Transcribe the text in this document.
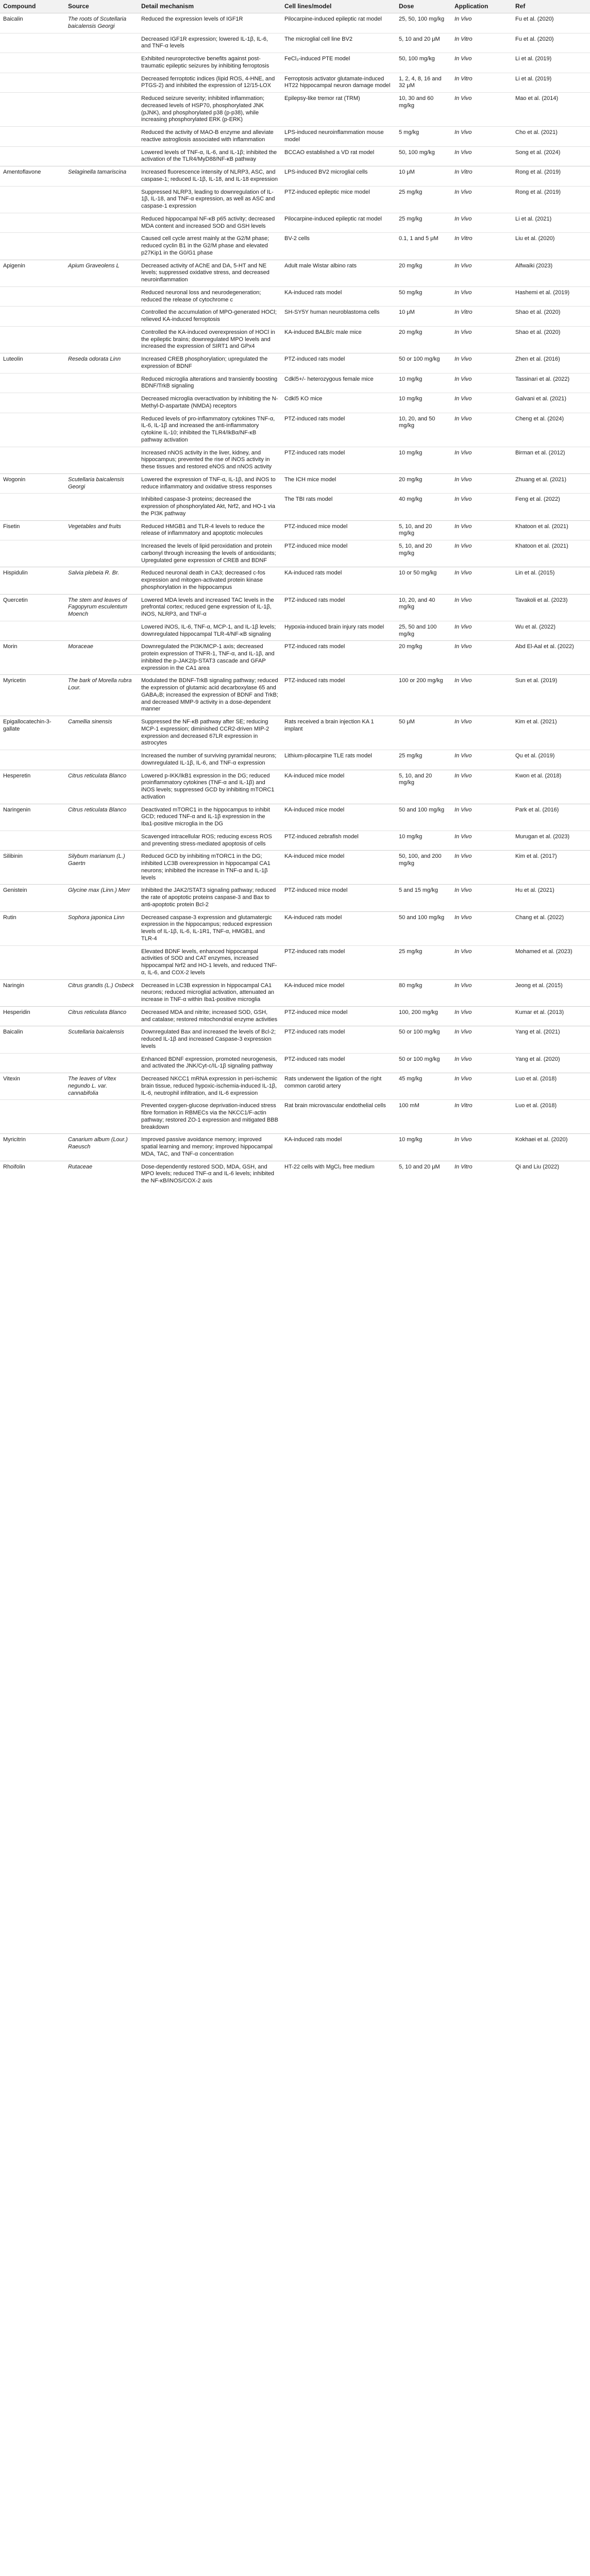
Compound	Source	Detail mechanism	Cell lines/model	Dose	Application	Ref
Baicalin	The roots of Scutellaria baicalensis Georgi	Reduced the expression levels of IGF1R	Pilocarpine-induced epileptic rat model	25, 50, 100 mg/kg	In Vivo	Fu et al. (2020)
		Decreased IGF1R expression; lowered IL-1β, IL-6, and TNF-α levels	The microglial cell line BV2	5, 10 and 20 μM	In Vitro	Fu et al. (2020)
		Exhibited neuroprotective benefits against post-traumatic epileptic seizures by inhibiting ferroptosis	FeCl₃-induced PTE model	50, 100 mg/kg	In Vivo	Li et al. (2019)
		Decreased ferroptotic indices (lipid ROS, 4-HNE, and PTGS-2) and inhibited the expression of 12/15-LOX	Ferroptosis activator glutamate-induced HT22 hippocampal neuron damage model	1, 2, 4, 8, 16 and 32 μM	In Vitro	Li et al. (2019)
		Reduced seizure severity; inhibited inflammation; decreased levels of HSP70, phosphorylated JNK (pJNK), and phosphorylated p38 (p-p38), while increasing phosphorylated ERK (p-ERK)	Epilepsy-like tremor rat (TRM)	10, 30 and 60 mg/kg	In Vivo	Mao et al. (2014)
		Reduced the activity of MAO-B enzyme and alleviate reactive astrogliosis associated with inflammation	LPS-induced neuroinflammation mouse model	5 mg/kg	In Vivo	Cho et al. (2021)
		Lowered levels of TNF-α, IL-6, and IL-1β; inhibited the activation of the TLR4/MyD88/NF-κB pathway	BCCAO established a VD rat model	50, 100 mg/kg	In Vivo	Song et al. (2024)
Amentoflavone	Selaginella tamariscina	Increased fluorescence intensity of NLRP3, ASC, and caspase-1; reduced IL-1β, IL-18, and IL-18 expression	LPS-induced BV2 microglial cells	10 μM	In Vitro	Rong et al. (2019)
		Suppressed NLRP3, leading to downregulation of IL-1β, IL-18, and TNF-α expression, as well as ASC and caspase-1 expression	PTZ-induced epileptic mice model	25 mg/kg	In Vivo	Rong et al. (2019)
		Reduced hippocampal NF-κB p65 activity; decreased MDA content and increased SOD and GSH levels	Pilocarpine-induced epileptic rat model	25 mg/kg	In Vivo	Li et al. (2021)
		Caused cell cycle arrest mainly at the G2/M phase; reduced cyclin B1 in the G2/M phase and elevated p27Kip1 in the G0/G1 phase	BV-2 cells	0.1, 1 and 5 μM	In Vitro	Liu et al. (2020)
Apigenin	Apium Graveolens L	Decreased activity of AChE and DA, 5-HT and NE levels; suppressed oxidative stress, and decreased neuroinflammation	Adult male Wistar albino rats	20 mg/kg	In Vivo	Alfwaiki (2023)
		Reduced neuronal loss and neurodegeneration; reduced the release of cytochrome c	KA-induced rats model	50 mg/kg	In Vivo	Hashemi et al. (2019)
		Controlled the accumulation of MPO-generated HOCl; relieved KA-induced ferroptosis	SH-SY5Y human neuroblastoma cells	10 μM	In Vitro	Shao et al. (2020)
		Controlled the KA-induced overexpression of HOCl in the epileptic brains; downregulated MPO levels and increased the expression of SIRT1 and GPx4	KA-induced BALB/c male mice	20 mg/kg	In Vivo	Shao et al. (2020)
Luteolin	Reseda odorata Linn	Increased CREB phosphorylation; upregulated the expression of BDNF	PTZ-induced rats model	50 or 100 mg/kg	In Vivo	Zhen et al. (2016)
		Reduced microglia alterations and transiently boosting BDNF/TrkB signaling	Cdkl5+/- heterozygous female mice	10 mg/kg	In Vivo	Tassinari et al. (2022)
		Decreased microglia overactivation by inhibiting the N-Methyl-D-aspartate (NMDA) receptors	Cdkl5 KO mice	10 mg/kg	In Vivo	Galvani et al. (2021)
		Reduced levels of pro-inflammatory cytokines TNF-α, IL-6, IL-1β and increased the anti-inflammatory cytokine IL-10; inhibited the TLR4/IkBα/NF-κB pathway activation	PTZ-induced rats model	10, 20, and 50 mg/kg	In Vivo	Cheng et al. (2024)
		Increased nNOS activity in the liver, kidney, and hippocampus; prevented the rise of iNOS activity in these tissues and restored eNOS and nNOS activity	PTZ-induced rats model	10 mg/kg	In Vivo	Birman et al. (2012)
Wogonin	Scutellaria baicalensis Georgi	Lowered the expression of TNF-α, IL-1β, and iNOS to reduce inflammatory and oxidative stress responses	The ICH mice model	20 mg/kg	In Vivo	Zhuang et al. (2021)
		Inhibited caspase-3 proteins; decreased the expression of phosphorylated Akt, Nrf2, and HO-1 via the PI3K pathway	The TBI rats model	40 mg/kg	In Vivo	Feng et al. (2022)
Fisetin	Vegetables and fruits	Reduced HMGB1 and TLR-4 levels to reduce the release of inflammatory and apoptotic molecules	PTZ-induced mice model	5, 10, and 20 mg/kg	In Vivo	Khatoon et al. (2021)
		Increased the levels of lipid peroxidation and protein carbonyl through increasing the levels of antioxidants; Upregulated gene expression of CREB and BDNF	PTZ-induced mice model	5, 10, and 20 mg/kg	In Vivo	Khatoon et al. (2021)
Hispidulin	Salvia plebeia R. Br.	Reduced neuronal death in CA3; decreased c-fos expression and mitogen-activated protein kinase phosphorylation in the hippocampus	KA-induced rats model	10 or 50 mg/kg	In Vivo	Lin et al. (2015)
Quercetin	The stem and leaves of Fagopyrum esculentum Moench	Lowered MDA levels and increased TAC levels in the prefrontal cortex; reduced gene expression of IL-1β, iNOS, NLRP3, and TNF-α	PTZ-induced rats model	10, 20, and 40 mg/kg	In Vivo	Tavakoli et al. (2023)
		Lowered iNOS, IL-6, TNF-α, MCP-1, and IL-1β levels; downregulated hippocampal TLR-4/NF-κB signaling	Hypoxia-induced brain injury rats model	25, 50 and 100 mg/kg	In Vivo	Wu et al. (2022)
Morin	Moraceae	Downregulated the PI3K/MCP-1 axis; decreased protein expression of TNFR-1, TNF-α, and IL-1β, and inhibited the p-JAK2/p-STAT3 cascade and GFAP expression in the CA1 area	PTZ-induced rats model	20 mg/kg	In Vivo	Abd El-Aal et al. (2022)
Myricetin	The bark of Morella rubra Lour.	Modulated the BDNF-TrkB signaling pathway; reduced the expression of glutamic acid decarboxylase 65 and GABA₂B; increased the expression of BDNF and TrkB; and decreased MMP-9 activity in a dose-dependent manner	PTZ-induced rats model	100 or 200 mg/kg	In Vivo	Sun et al. (2019)
Epigallocatechin-3-gallate	Camellia sinensis	Suppressed the NF-κB pathway after SE; reducing MCP-1 expression; diminished CCR2-driven MIP-2 expression and decreased 67LR expression in astrocytes	Rats received a brain injection KA 1 implant	50 μM	In Vivo	Kim et al. (2021)
		Increased the number of surviving pyramidal neurons; downregulated IL-1β, IL-6, and TNF-α expression	Lithium-pilocarpine TLE rats model	25 mg/kg	In Vivo	Qu et al. (2019)
Hesperetin	Citrus reticulata Blanco	Lowered p-IKK/IkB1 expression in the DG; reduced proinflammatory cytokines (TNF-α and IL-1β) and iNOS levels; suppressed GCD by inhibiting mTORC1 activation	KA-induced mice model	5, 10, and 20 mg/kg	In Vivo	Kwon et al. (2018)
Naringenin	Citrus reticulata Blanco	Deactivated mTORC1 in the hippocampus to inhibit GCD; reduced TNF-α and IL-1β expression in the Iba1-positive microglia in the DG	KA-induced mice model	50 and 100 mg/kg	In Vivo	Park et al. (2016)
		Scavenged intracellular ROS; reducing excess ROS and preventing stress-mediated apoptosis of cells	PTZ-induced zebrafish model	10 mg/kg	In Vivo	Murugan et al. (2023)
Silibinin	Silybum marianum (L.) Gaertn	Reduced GCD by inhibiting mTORC1 in the DG; inhibited LC3B overexpression in hippocampal CA1 neurons; inhibited the increase in TNF-α and IL-1β levels	KA-induced mice model	50, 100, and 200 mg/kg	In Vivo	Kim et al. (2017)
Genistein	Glycine max (Linn.) Merr	Inhibited the JAK2/STAT3 signaling pathway; reduced the rate of apoptotic proteins caspase-3 and Bax to anti-apoptotic protein Bcl-2	PTZ-induced mice model	5 and 15 mg/kg	In Vivo	Hu et al. (2021)
Rutin	Sophora japonica Linn	Decreased caspase-3 expression and glutamatergic expression in the hippocampus; reduced expression levels of IL-1β, IL-6, IL-1R1, TNF-α, HMGB1, and TLR-4	KA-induced rats model	50 and 100 mg/kg	In Vivo	Chang et al. (2022)
		Elevated BDNF levels, enhanced hippocampal activities of SOD and CAT enzymes, increased hippocampal Nrf2 and HO-1 levels, and reduced TNF-α, IL-6, and COX-2 levels	PTZ-induced rats model	25 mg/kg	In Vivo	Mohamed et al. (2023)
Naringin	Citrus grandis (L.) Osbeck	Decreased in LC3B expression in hippocampal CA1 neurons; reduced microglial activation, attenuated an increase in TNF-α within Iba1-positive microglia	KA-induced mice model	80 mg/kg	In Vivo	Jeong et al. (2015)
Hesperidin	Citrus reticulata Blanco	Decreased MDA and nitrite; increased SOD, GSH, and catalase; restored mitochondrial enzyme activities	PTZ-induced mice model	100, 200 mg/kg	In Vivo	Kumar et al. (2013)
Baicalin	Scutellaria baicalensis	Downregulated Bax and increased the levels of Bcl-2; reduced IL-1β and increased Caspase-3 expression levels	PTZ-induced rats model	50 or 100 mg/kg	In Vivo	Yang et al. (2021)
		Enhanced BDNF expression, promoted neurogenesis, and activated the JNK/Cyt-c/IL-1β signaling pathway	PTZ-induced rats model	50 or 100 mg/kg	In Vivo	Yang et al. (2020)
Vitexin	The leaves of Vitex negundo L. var. cannabifolia	Decreased NKCC1 mRNA expression in peri-ischemic brain tissue, reduced hypoxic-ischemia-induced IL-1β, IL-6, neutrophil infiltration, and IL-6 expression	Rats underwent the ligation of the right common carotid artery	45 mg/kg	In Vivo	Luo et al. (2018)
		Prevented oxygen-glucose deprivation-induced stress fibre formation in RBMECs via the NKCC1/F-actin pathway; restored ZO-1 expression and mitigated BBB breakdown	Rat brain microvascular endothelial cells	100 mM	In Vitro	Luo et al. (2018)
Myricitrin	Canarium album (Lour.) Raeusch	Improved passive avoidance memory; improved spatial learning and memory; improved hippocampal MDA, TAC, and TNF-α concentration	KA-induced rats model	10 mg/kg	In Vivo	Kokhaei et al. (2020)
Rhoifolin	Rutaceae	Dose-dependently restored SOD, MDA, GSH, and MPO levels; reduced TNF-α and IL-6 levels; inhibited the NF-κB/iNOS/COX-2 axis	HT-22 cells with MgCl₂ free medium	5, 10 and 20 μM	In Vitro	Qi and Liu (2022)
